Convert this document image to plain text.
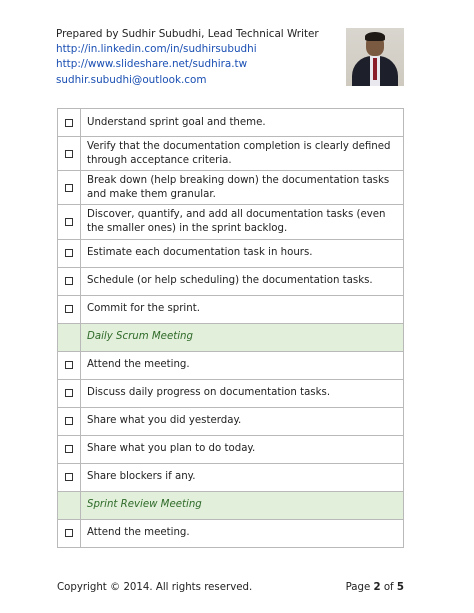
Prepared by Sudhir Subudhi, Lead Technical Writer
http://in.linkedin.com/in/sudhirsubudhi
http://www.slideshare.net/sudhira.tw
sudhir.subudhi@outlook.com
	Understand sprint goal and theme.
	Verify that the documentation completion is clearly defined through acceptance criteria.
	Break down (help breaking down) the documentation tasks and make them granular.
	Discover, quantify, and add all documentation tasks (even the smaller ones) in the sprint backlog.
	Estimate each documentation task in hours.
	Schedule (or help scheduling) the documentation tasks.
	Commit for the sprint.
	Daily Scrum Meeting
	Attend the meeting.
	Discuss daily progress on documentation tasks.
	Share what you did yesterday.
	Share what you plan to do today.
	Share blockers if any.
	Sprint Review Meeting
	Attend the meeting.
Copyright © 2014. All rights reserved.	Page 2 of 5
